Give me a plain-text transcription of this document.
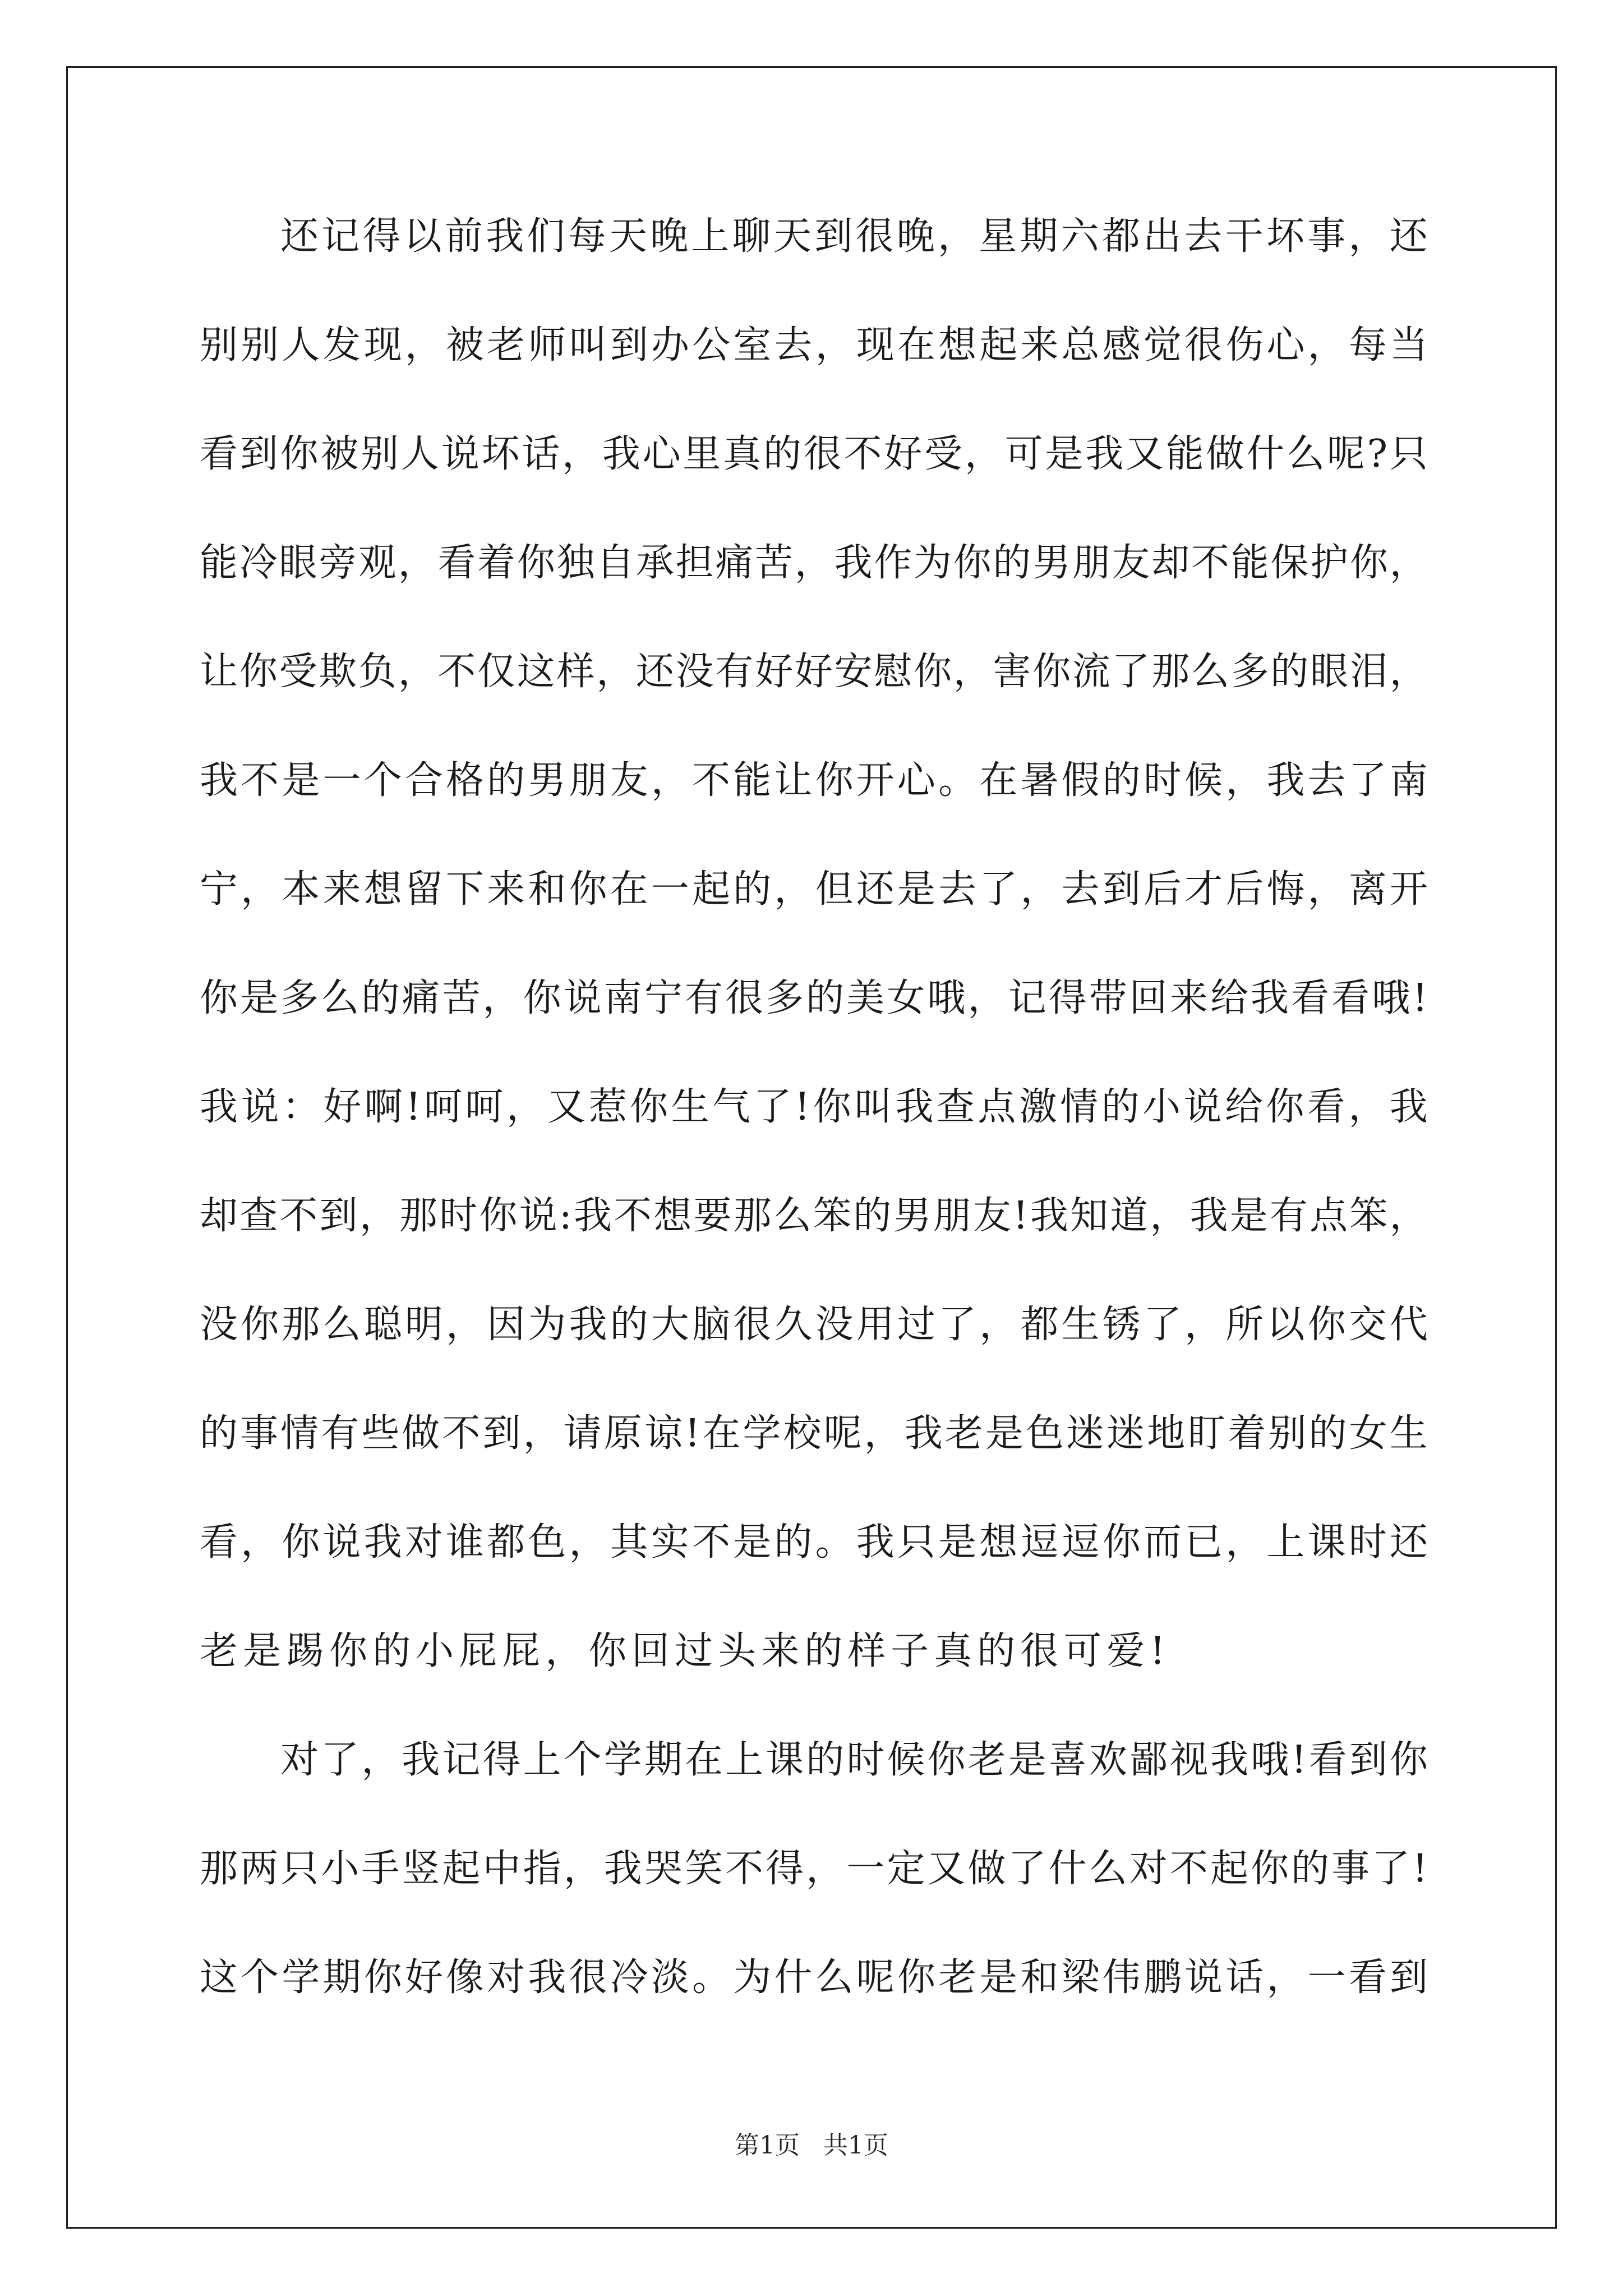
还 记 得 以 前 我 们 每 天 晚 上 聊 天 到 很 晚 ， 星 期 六 都 出 去 干 坏 事 ， 还
别 别 人 发 现 ， 被 老 师 叫 到 办 公 室 去 ， 现 在 想 起 来 总 感 觉 很 伤 心 ， 每 当
看 到 你 被 别 人 说 坏 话 ， 我 心 里 真 的 很 不 好 受 ， 可 是 我 又 能 做 什 么 呢 ? 只
能 冷 眼 旁 观 ， 看 着 你 独 自 承 担 痛 苦 ， 我 作 为 你 的 男 朋 友 却 不 能 保 护 你 ，
让 你 受 欺 负 ， 不 仅 这 样 ， 还 没 有 好 好 安 慰 你 ， 害 你 流 了 那 么 多 的 眼 泪 ，
我 不 是 一 个 合 格 的 男 朋 友 ， 不 能 让 你 开 心 。 在 暑 假 的 时 候 ， 我 去 了 南
宁 ， 本 来 想 留 下 来 和 你 在 一 起 的 ， 但 还 是 去 了 ， 去 到 后 才 后 悔 ， 离 开
你 是 多 么 的 痛 苦 ， 你 说 南 宁 有 很 多 的 美 女 哦 ， 记 得 带 回 来 给 我 看 看 哦 !
我 说 ： 好 啊 ! 呵 呵 ， 又 惹 你 生 气 了 ! 你 叫 我 查 点 激 情 的 小 说 给 你 看 ， 我
却 查 不 到 ， 那 时 你 说 : 我 不 想 要 那 么 笨 的 男 朋 友 ! 我 知 道 ， 我 是 有 点 笨 ，
没 你 那 么 聪 明 ， 因 为 我 的 大 脑 很 久 没 用 过 了 ， 都 生 锈 了 ， 所 以 你 交 代
的 事 情 有 些 做 不 到 ， 请 原 谅 ! 在 学 校 呢 ， 我 老 是 色 迷 迷 地 盯 着 别 的 女 生
看 ， 你 说 我 对 谁 都 色 ， 其 实 不 是 的 。 我 只 是 想 逗 逗 你 而 已 ， 上 课 时 还
老 是 踢 你 的 小 屁 屁 ， 你 回 过 头 来 的 样 子 真 的 很 可 爱 !
对 了 ， 我 记 得 上 个 学 期 在 上 课 的 时 候 你 老 是 喜 欢 鄙 视 我 哦 ! 看 到 你
那 两 只 小 手 竖 起 中 指 ， 我 哭 笑 不 得 ， 一 定 又 做 了 什 么 对 不 起 你 的 事 了 !
这 个 学 期 你 好 像 对 我 很 冷 淡 。 为 什 么 呢 你 老 是 和 梁 伟 鹏 说 话 ， 一 看 到
第1页   共1页
